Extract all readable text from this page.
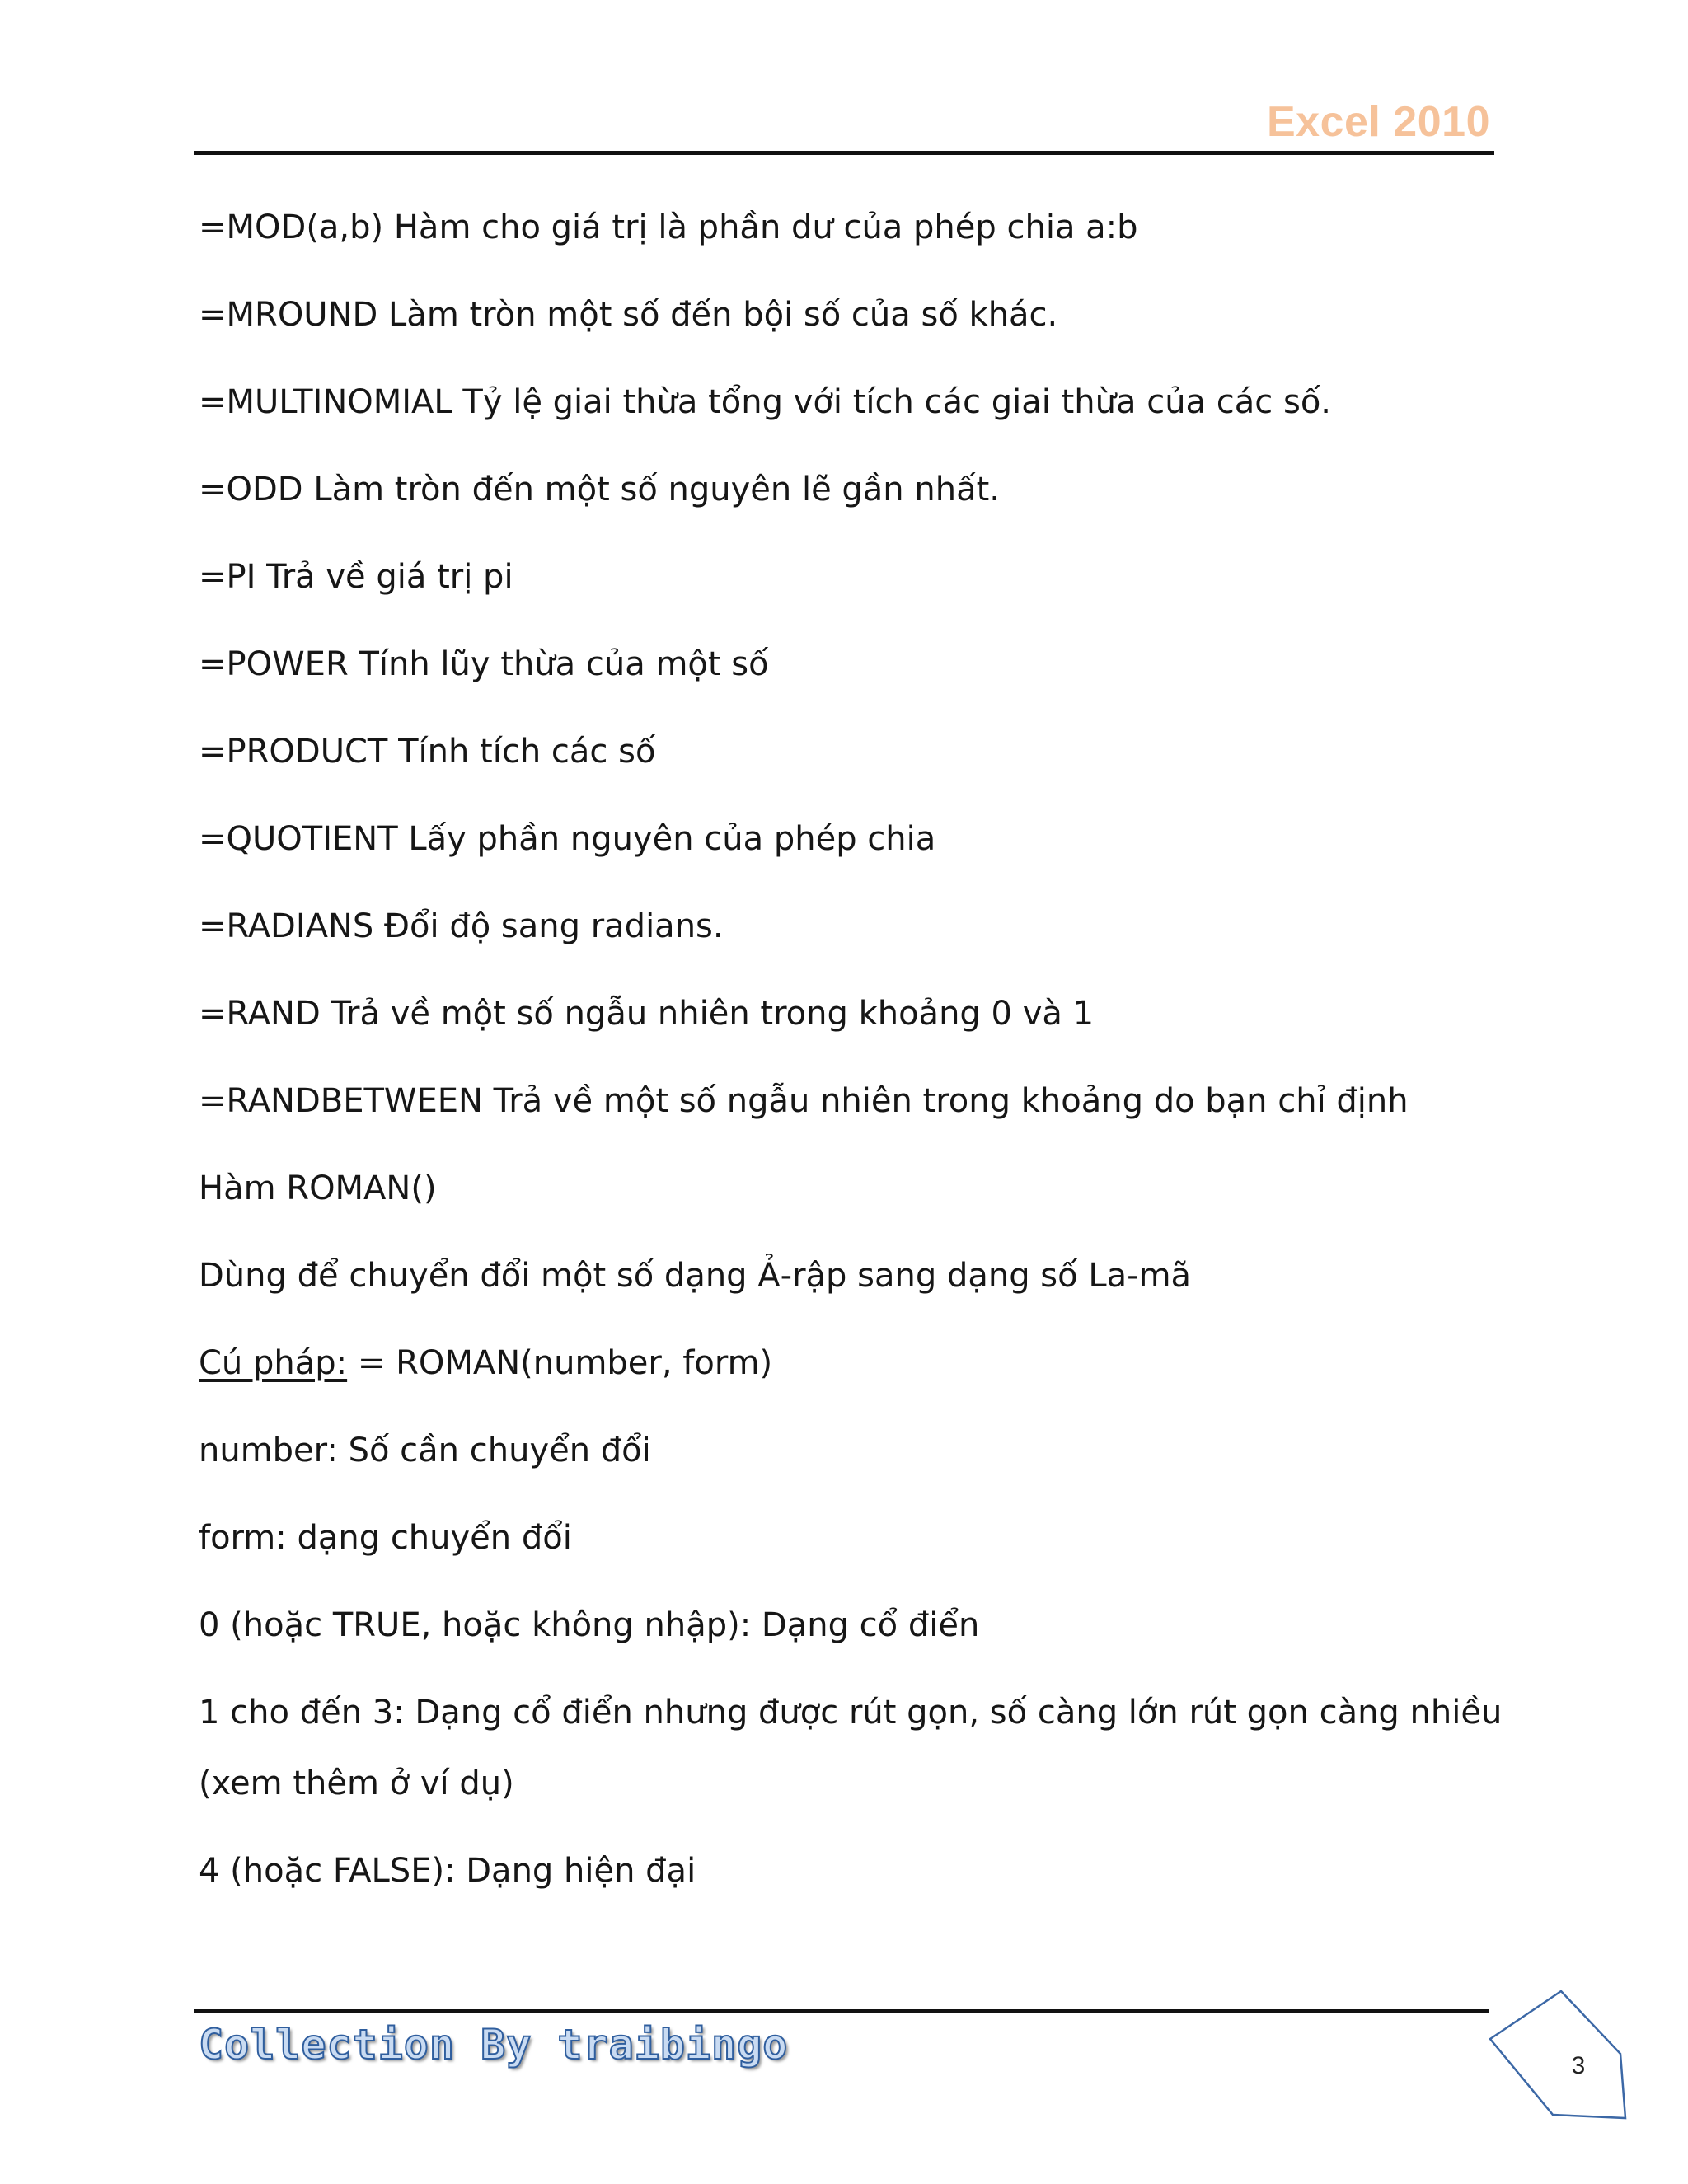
Excel 2010
=MOD(a,b) Hàm cho giá trị là phần dư của phép chia a:b
=MROUND Làm tròn một số đến bội số của số khác.
=MULTINOMIAL Tỷ lệ giai thừa tổng với tích các giai thừa của các số.
=ODD Làm tròn đến một số nguyên lẽ gần nhất.
=PI Trả về giá trị pi
=POWER Tính lũy thừa của một số
=PRODUCT Tính tích các số
=QUOTIENT Lấy phần nguyên của phép chia
=RADIANS Đổi độ sang radians.
=RAND Trả về một số ngẫu nhiên trong khoảng 0 và 1
=RANDBETWEEN Trả về một số ngẫu nhiên trong khoảng do bạn chỉ định
Hàm ROMAN()
Dùng để chuyển đổi một số dạng Ả-rập sang dạng số La-mã
Cú pháp: = ROMAN(number, form)
number: Số cần chuyển đổi
form: dạng chuyển đổi
0 (hoặc TRUE, hoặc không nhập): Dạng cổ điển
1 cho đến 3: Dạng cổ điển nhưng được rút gọn, số càng lớn rút gọn càng nhiều
(xem thêm ở ví dụ)
4 (hoặc FALSE): Dạng hiện đại
Collection By traibingo	3
